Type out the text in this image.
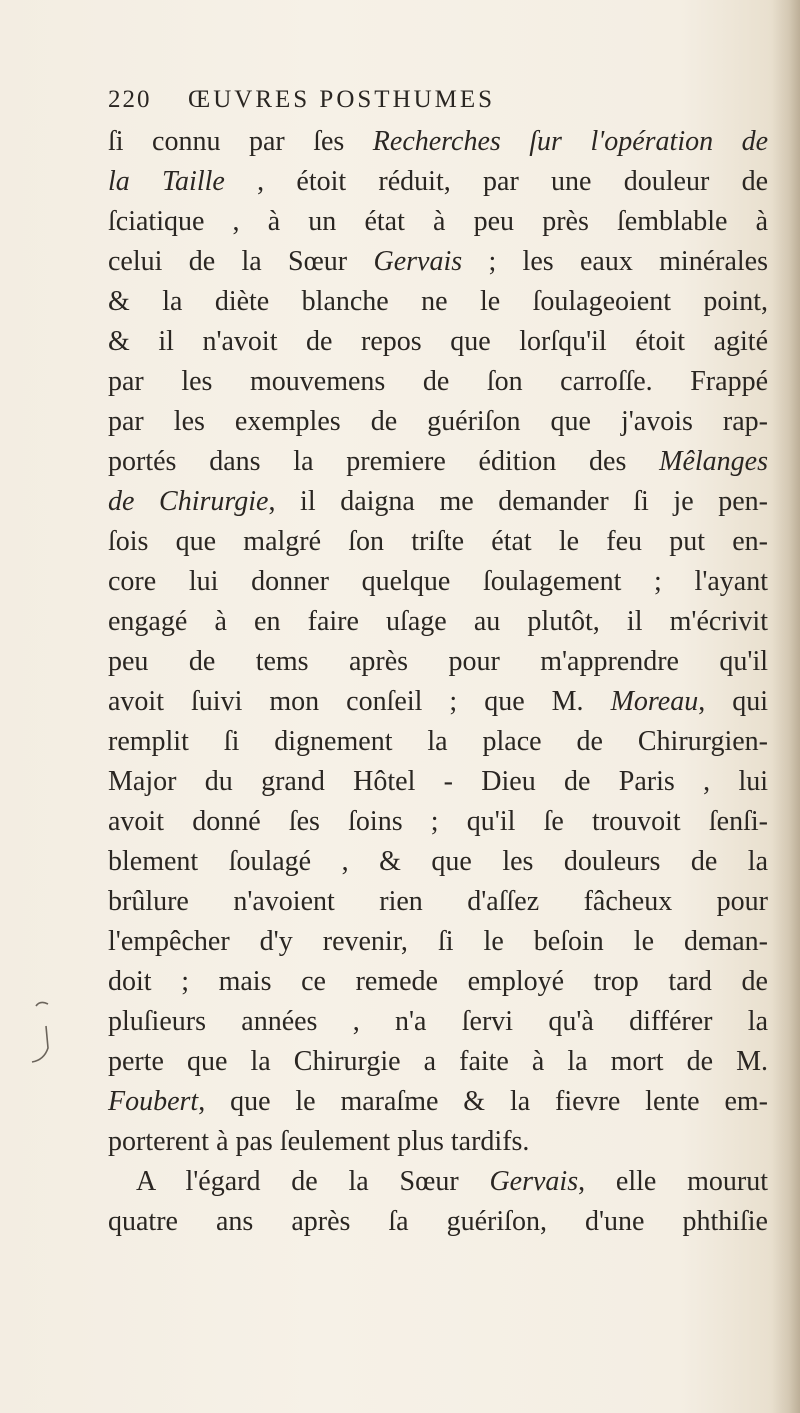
220 ŒUVRES POSTHUMES
ſi connu par ſes Recherches ſur l'opération de
la Taille , étoit réduit, par une douleur de
ſciatique , à un état à peu près ſemblable à
celui de la Sœur Gervais ; les eaux minérales
& la diète blanche ne le ſoulageoient point,
& il n'avoit de repos que lorſqu'il étoit agité
par les mouvemens de ſon carroſſe. Frappé
par les exemples de guériſon que j'avois rap-
portés dans la premiere édition des Mêlanges
de Chirurgie, il daigna me demander ſi je pen-
ſois que malgré ſon triſte état le feu put en-
core lui donner quelque ſoulagement ; l'ayant
engagé à en faire uſage au plutôt, il m'écrivit
peu de tems après pour m'apprendre qu'il
avoit ſuivi mon conſeil ; que M. Moreau, qui
remplit ſi dignement la place de Chirurgien-
Major du grand Hôtel - Dieu de Paris , lui
avoit donné ſes ſoins ; qu'il ſe trouvoit ſenſi-
blement ſoulagé , & que les douleurs de la
brûlure n'avoient rien d'aſſez fâcheux pour
l'empêcher d'y revenir, ſi le beſoin le deman-
doit ; mais ce remede employé trop tard de
pluſieurs années , n'a ſervi qu'à différer la
perte que la Chirurgie a faite à la mort de M.
Foubert, que le maraſme & la fievre lente em-
porterent à pas ſeulement plus tardifs.
A l'égard de la Sœur Gervais, elle mourut
quatre ans après ſa guériſon, d'une phthiſie
